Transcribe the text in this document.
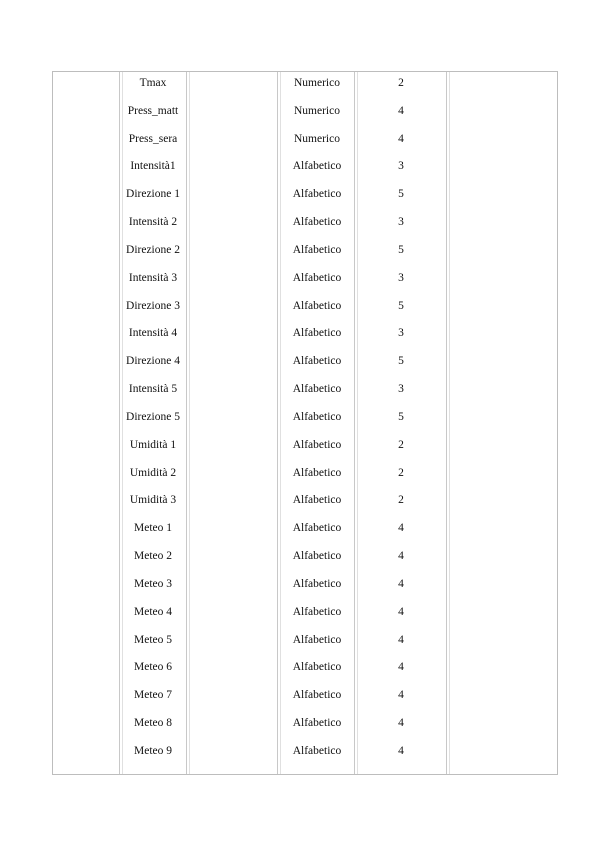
Tmax	Numerico	2
Press_matt	Numerico	4
Press_sera	Numerico	4
Intensità1	Alfabetico	3
Direzione 1	Alfabetico	5
Intensità 2	Alfabetico	3
Direzione 2	Alfabetico	5
Intensità 3	Alfabetico	3
Direzione 3	Alfabetico	5
Intensità 4	Alfabetico	3
Direzione 4	Alfabetico	5
Intensità 5	Alfabetico	3
Direzione 5	Alfabetico	5
Umidità 1	Alfabetico	2
Umidità 2	Alfabetico	2
Umidità 3	Alfabetico	2
Meteo 1	Alfabetico	4
Meteo 2	Alfabetico	4
Meteo 3	Alfabetico	4
Meteo 4	Alfabetico	4
Meteo 5	Alfabetico	4
Meteo 6	Alfabetico	4
Meteo 7	Alfabetico	4
Meteo 8	Alfabetico	4
Meteo 9	Alfabetico	4
